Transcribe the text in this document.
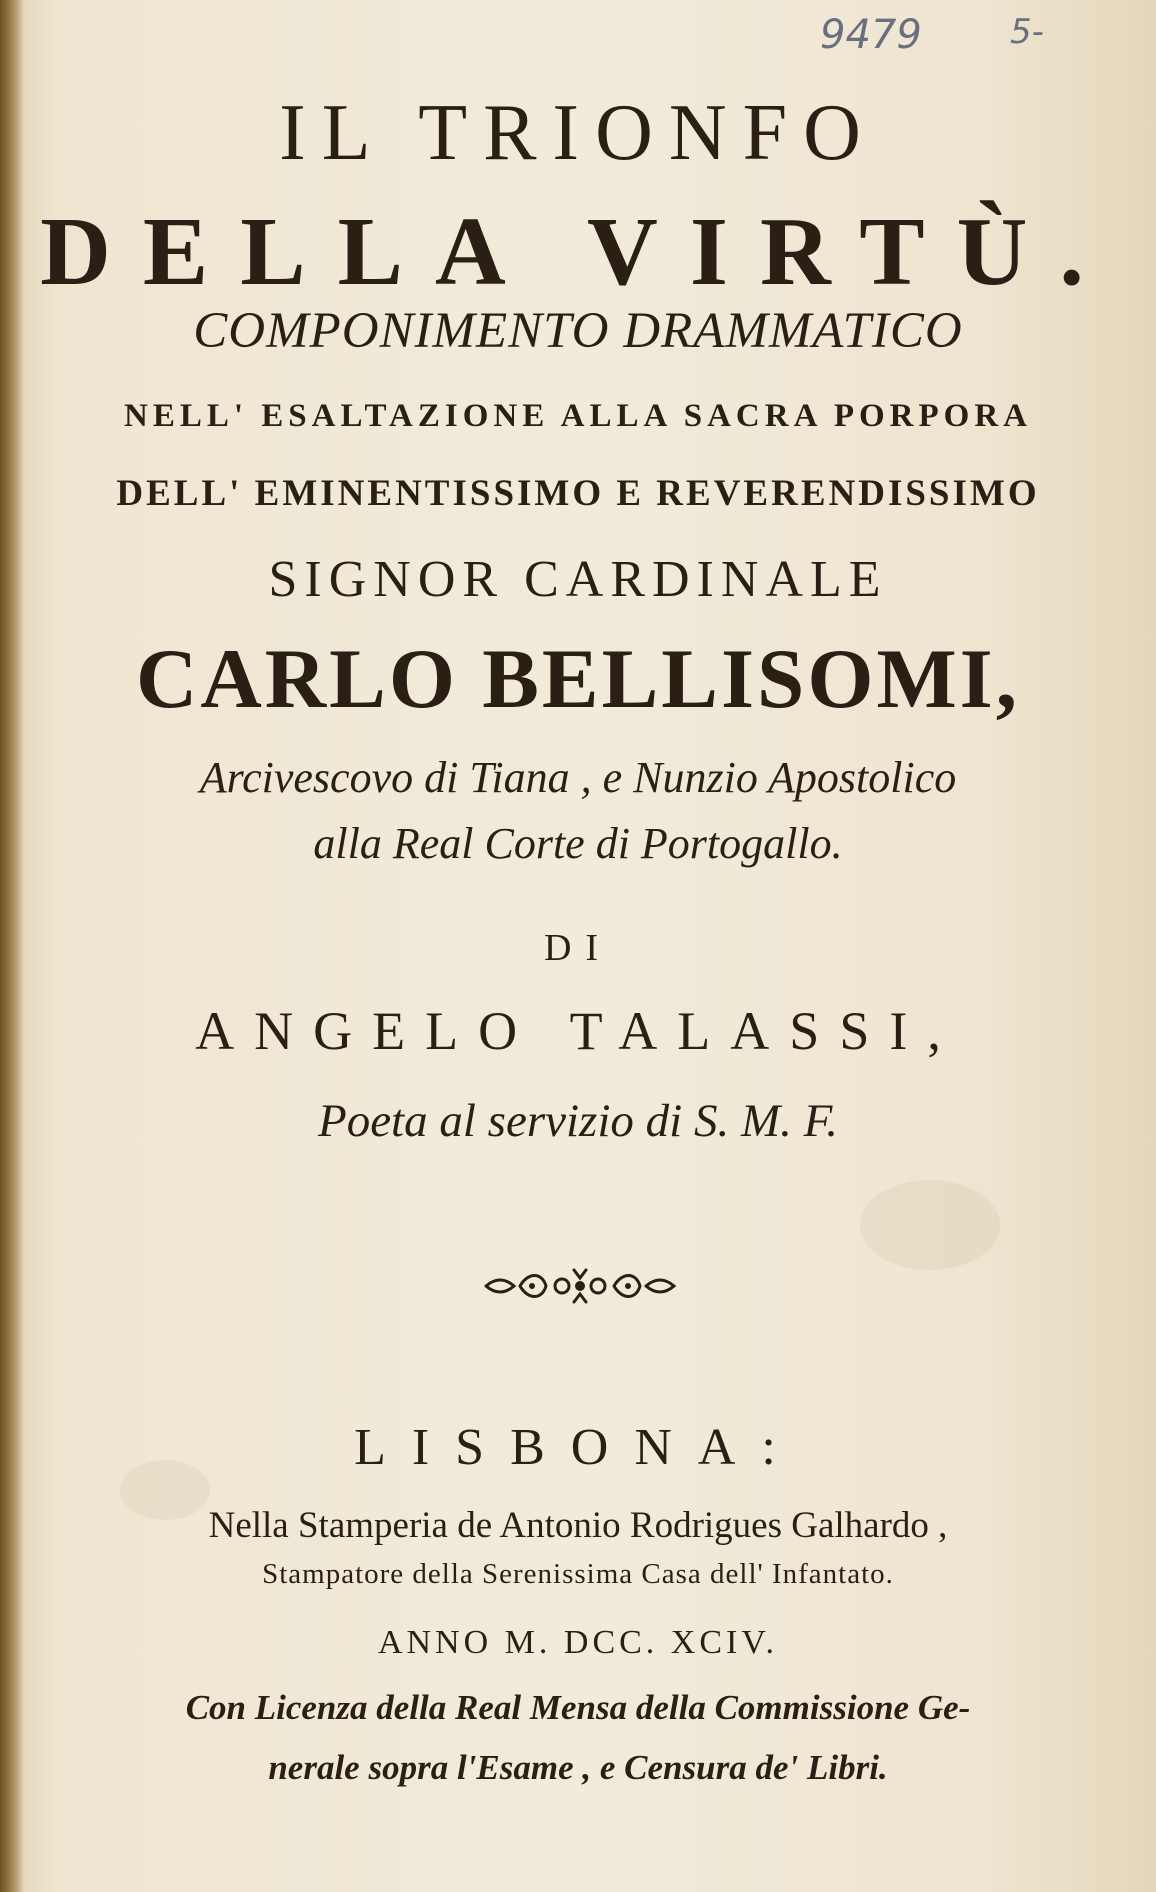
9479	5-
IL TRIONFO
DELLA VIRTÙ.
COMPONIMENTO DRAMMATICO
NELL' ESALTAZIONE ALLA SACRA PORPORA
DELL' EMINENTISSIMO E REVERENDISSIMO
SIGNOR CARDINALE
CARLO BELLISOMI,
Arcivescovo di Tiana , e Nunzio Apostolico
alla Real Corte di Portogallo.
DI
ANGELO TALASSI,
Poeta al servizio di S. M. F.
LISBONA:
Nella Stamperia de Antonio Rodrigues Galhardo ,
Stampatore della Serenissima Casa dell' Infantato.
ANNO M. DCC. XCIV.
Con Licenza della Real Mensa della Commissione Ge-
nerale sopra l'Esame , e Censura de' Libri.
